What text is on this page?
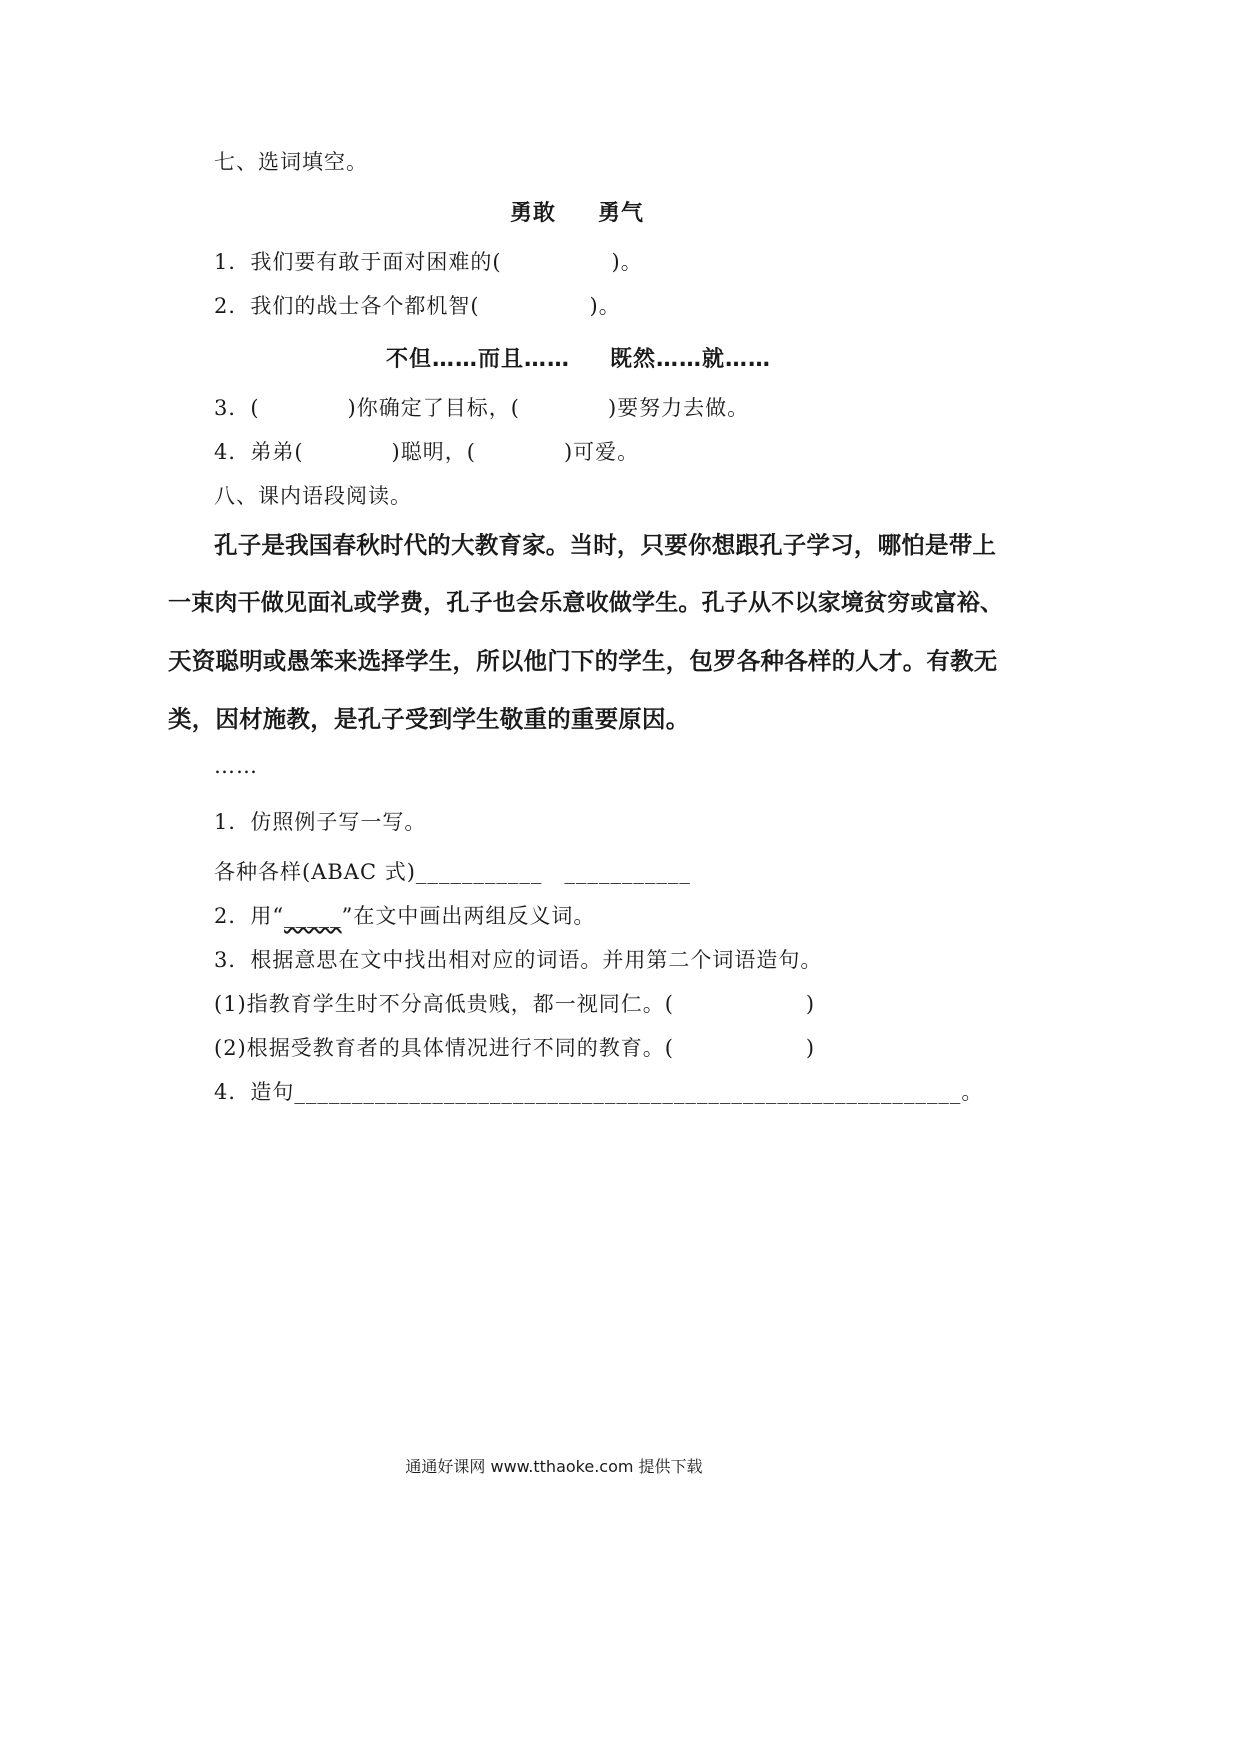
七、选词填空。
勇敢 勇气
1．我们要有敢于面对困难的(　　　　　)。
2．我们的战士各个都机智(　　　　　)。
不但……而且…… 既然……就……
3．(　　　　)你确定了目标，(　　　　)要努力去做。
4．弟弟(　　　　)聪明，(　　　　)可爱。
八、课内语段阅读。
孔子是我国春秋时代的大教育家。当时，只要你想跟孔子学习，哪怕是带上
一束肉干做见面礼或学费，孔子也会乐意收做学生。孔子从不以家境贫穷或富裕、
天资聪明或愚笨来选择学生，所以他门下的学生，包罗各种各样的人才。有教无
类，因材施教，是孔子受到学生敬重的重要原因。
……
1．仿照例子写一写。
各种各样(ABAC 式)___________　___________
2．用“_____”在文中画出两组反义词。
3．根据意思在文中找出相对应的词语。并用第二个词语造句。
(1)指教育学生时不分高低贵贱，都一视同仁。(　　　　　　)
(2)根据受教育者的具体情况进行不同的教育。(　　　　　　)
4．造句__________________________________________________________。
通通好课网 www.tthaoke.com 提供下载
